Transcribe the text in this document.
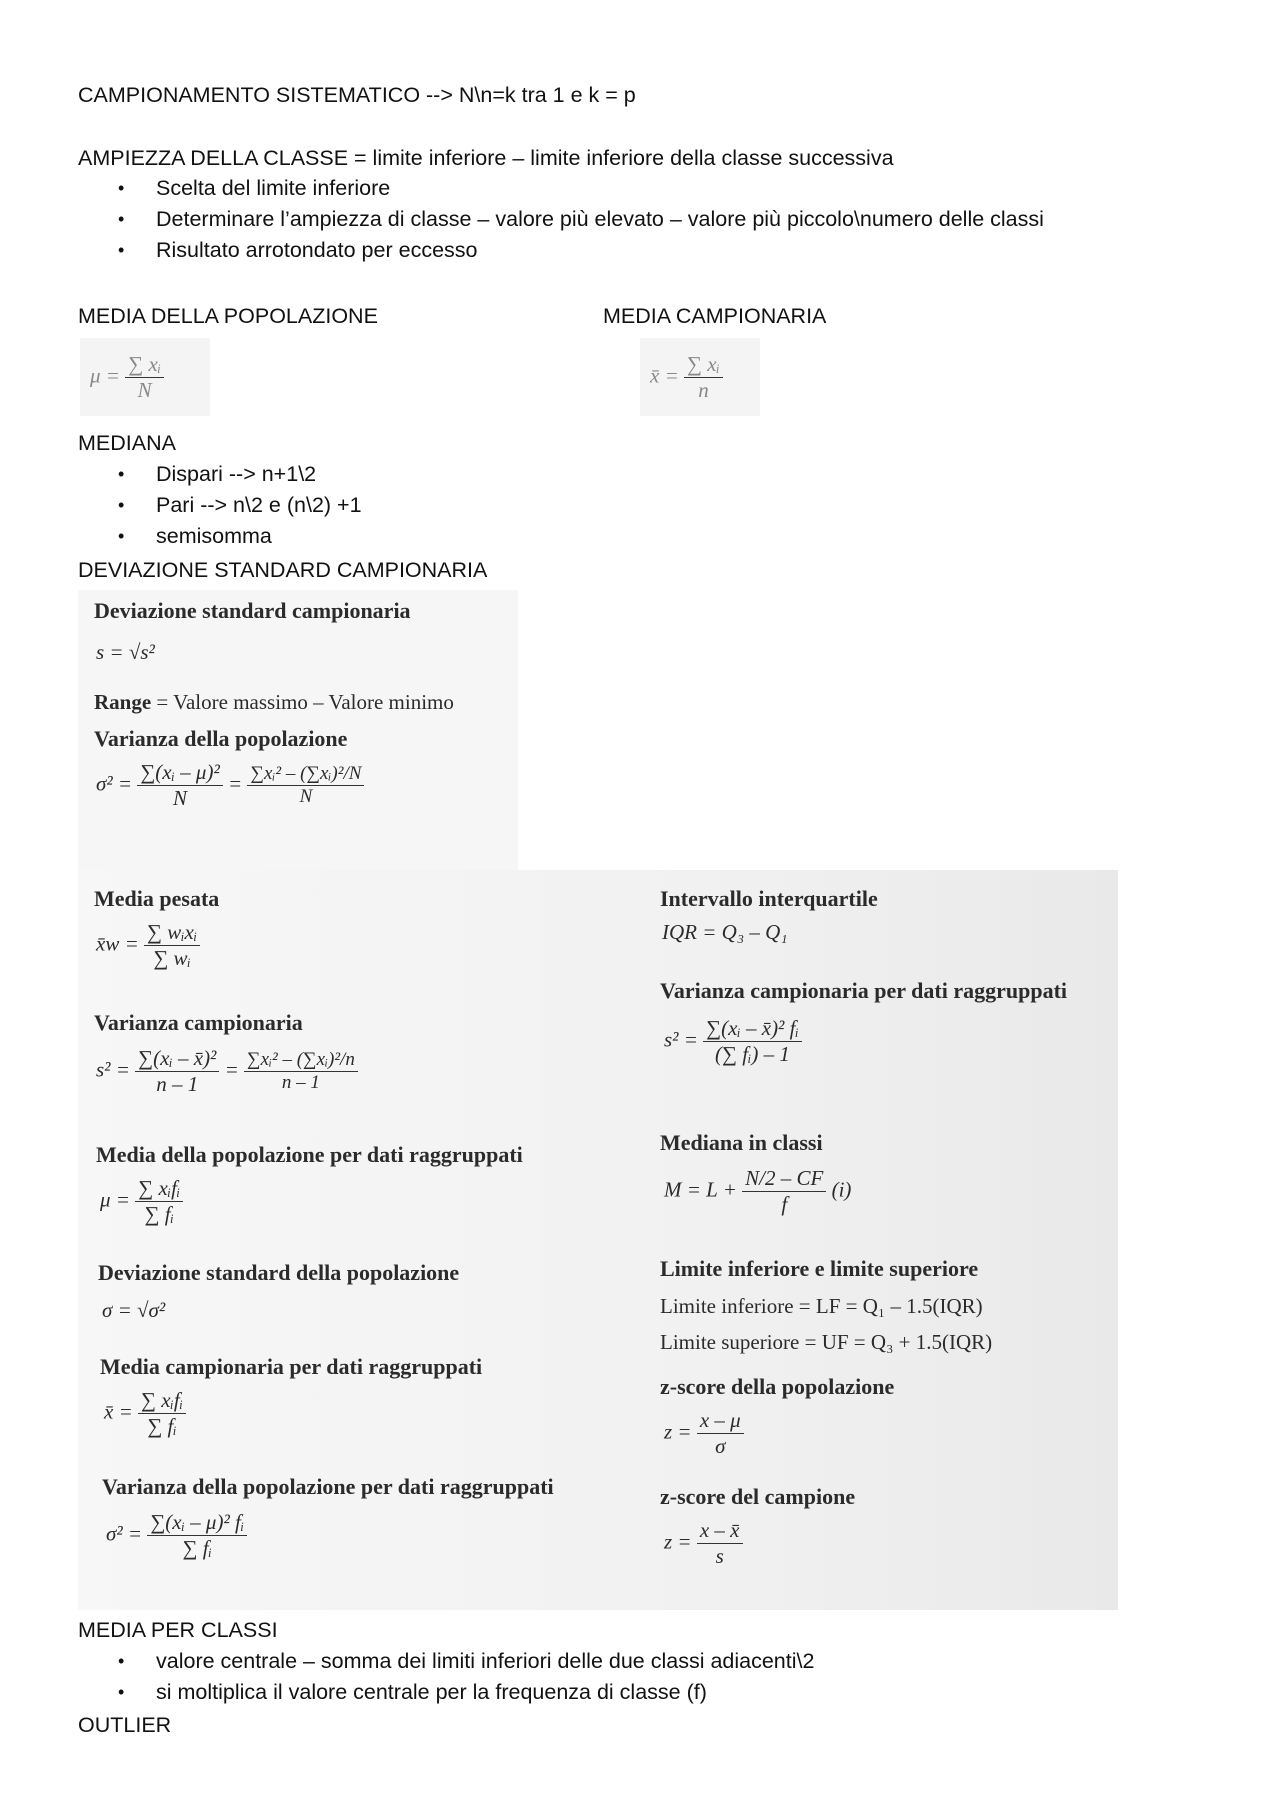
CAMPIONAMENTO SISTEMATICO --> N\n=k tra 1 e k = p
AMPIEZZA DELLA CLASSE = limite inferiore – limite inferiore della classe successiva
Scelta del limite inferiore
Determinare l’ampiezza di classe – valore più elevato – valore più piccolo\numero delle classi
Risultato arrotondato per eccesso
MEDIA DELLA POPOLAZIONE	MEDIA CAMPIONARIA
$\mu = \frac{\text{∑ xᵢ}}{N}$	x̄ = $\frac{\text{∑ xᵢ}}{n}$
MEDIANA
Dispari --> n+1\2
Pari --> n\2 e (n\2) +1
semisomma
DEVIAZIONE STANDARD CAMPIONARIA
Deviazione standard campionaria
s = √s²
Range = Valore massimo – Valore minimo
Varianza della popolazione
$\sigma^2 = \frac{\text{∑(xᵢ – μ)²}}{N} = \frac{\text{∑xᵢ² – (∑xᵢ)²/N}}{N}$
Media pesata
x̄w = $\frac{\text{∑ wᵢxᵢ}}{\text{∑ wᵢ}}$
Varianza campionaria
$s^2 = \frac{\text{∑(xᵢ – x̄)²}}{n - 1} = \frac{\text{∑xᵢ² – (∑xᵢ)²/n}}{n - 1}$
Media della popolazione per dati raggruppati
$\mu = \frac{\text{∑ xᵢfᵢ}}{\text{∑ fᵢ}}$
Deviazione standard della popolazione
σ = √σ²
Media campionaria per dati raggruppati
x̄ = $\frac{\text{∑ xᵢfᵢ}}{\text{∑ fᵢ}}$
Varianza della popolazione per dati raggruppati
$\sigma^2 = \frac{\text{∑(xᵢ – μ)² fᵢ}}{\text{∑ fᵢ}}$
Intervallo interquartile
IQR = Q₃ – Q₁
Varianza campionaria per dati raggruppati
$s^2 = \frac{\text{∑(xᵢ – x̄)² fᵢ}}{\text{(∑ fᵢ) – 1}}$
Mediana in classi
$M = L + \frac{N/2 - CF}{f} (i)$
Limite inferiore e limite superiore
Limite inferiore = LF = Q₁ – 1.5(IQR)
Limite superiore = UF = Q₃ + 1.5(IQR)
z-score della popolazione
$z = \frac{x - \mu}{\sigma}$
z-score del campione
$z = \frac{x - x̄}{s}$
MEDIA PER CLASSI
valore centrale – somma dei limiti inferiori delle due classi adiacenti\2
si moltiplica il valore centrale per la frequenza di classe (f)
OUTLIER
